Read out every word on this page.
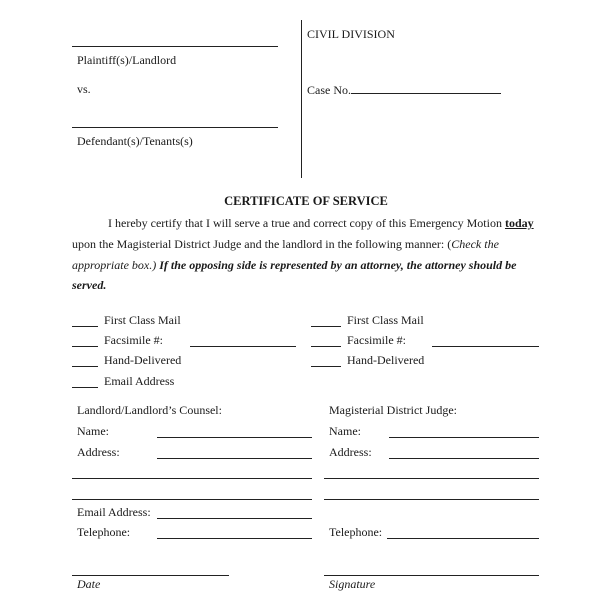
Plaintiff(s)/Landlord
vs.
Defendant(s)/Tenants(s)
CIVIL DIVISION
Case No.
CERTIFICATE OF SERVICE
I hereby certify that I will serve a true and correct copy of this Emergency Motion today
upon the Magisterial District Judge and the landlord in the following manner: (Check the
appropriate box.) If the opposing side is represented by an attorney, the attorney should be
served.
First Class Mail
Facsimile #:
Hand-Delivered
Email Address
First Class Mail
Facsimile #:
Hand-Delivered
Landlord/Landlord’s Counsel:
Name:
Address:
Email Address:
Telephone:
Magisterial District Judge:
Name:
Address:
Telephone:
Date	Signature
